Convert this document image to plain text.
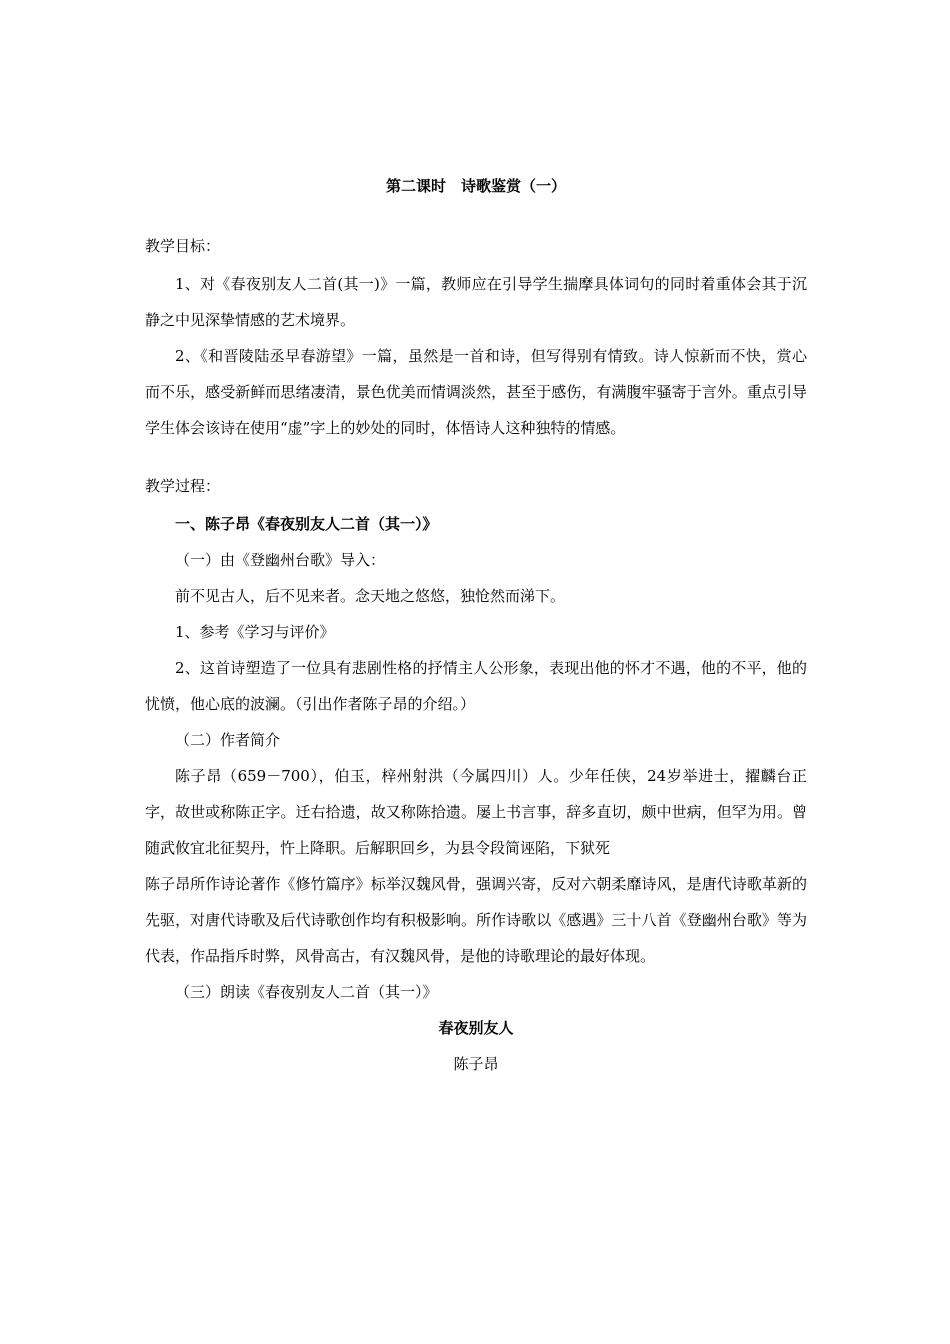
第二课时　诗歌鉴赏（一）

教学目标：

1、对《春夜别友人二首(其一)》一篇，教师应在引导学生揣摩具体词句的同时着重体会其于沉静之中见深挚情感的艺术境界。

2、《和晋陵陆丞早春游望》一篇，虽然是一首和诗，但写得别有情致。诗人惊新而不快，赏心而不乐，感受新鲜而思绪凄清，景色优美而情调淡然，甚至于感伤，有满腹牢骚寄于言外。重点引导学生体会该诗在使用“虚”字上的妙处的同时，体悟诗人这种独特的情感。

教学过程：

一、陈子昂《春夜别友人二首（其一）》

（一）由《登幽州台歌》导入：

前不见古人，后不见来者。念天地之悠悠，独怆然而涕下。

1、参考《学习与评价》

2、这首诗塑造了一位具有悲剧性格的抒情主人公形象，表现出他的怀才不遇，他的不平，他的忧愤，他心底的波澜。（引出作者陈子昂的介绍。）

（二）作者简介

陈子昂（659－700），伯玉，梓州射洪（今属四川）人。少年任侠，24岁举进士，擢麟台正字，故世或称陈正字。迁右拾遗，故又称陈拾遗。屡上书言事，辞多直切，颇中世病，但罕为用。曾随武攸宜北征契丹，忤上降职。后解职回乡，为县令段简诬陷，下狱死

陈子昂所作诗论著作《修竹篇序》标举汉魏风骨，强调兴寄，反对六朝柔靡诗风，是唐代诗歌革新的先驱，对唐代诗歌及后代诗歌创作均有积极影响。所作诗歌以《感遇》三十八首《登幽州台歌》等为代表，作品指斥时弊，风骨高古，有汉魏风骨，是他的诗歌理论的最好体现。

（三）朗读《春夜别友人二首（其一）》

春夜别友人

陈子昂
